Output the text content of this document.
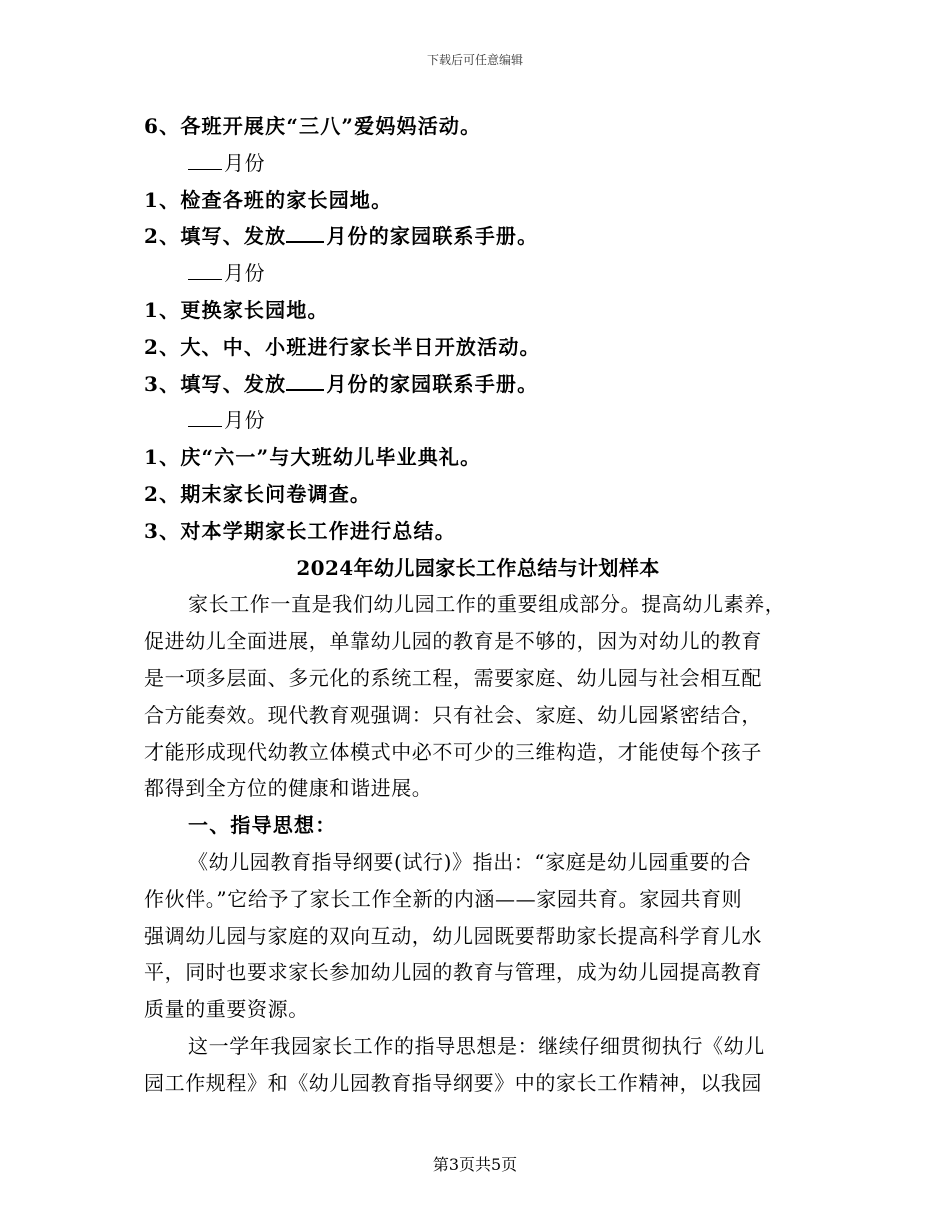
下载后可任意编辑
6、各班开展庆“三八”爱妈妈活动。
月份
1、检查各班的家长园地。
2、填写、发放 月份的家园联系手册。
月份
1、更换家长园地。
2、大、中、小班进行家长半日开放活动。
3、填写、发放 月份的家园联系手册。
月份
1、庆“六一”与大班幼儿毕业典礼。
2、期末家长问卷调查。
3、对本学期家长工作进行总结。
2024年幼儿园家长工作总结与计划样本
家长工作一直是我们幼儿园工作的重要组成部分。提高幼儿素养，
促进幼儿全面进展，单靠幼儿园的教育是不够的，因为对幼儿的教育
是一项多层面、多元化的系统工程，需要家庭、幼儿园与社会相互配
合方能奏效。现代教育观强调：只有社会、家庭、幼儿园紧密结合，
才能形成现代幼教立体模式中必不可少的三维构造，才能使每个孩子
都得到全方位的健康和谐进展。
一、指导思想：
《幼儿园教育指导纲要(试行)》指出：“家庭是幼儿园重要的合
作伙伴。”它给予了家长工作全新的内涵——家园共育。家园共育则
强调幼儿园与家庭的双向互动，幼儿园既要帮助家长提高科学育儿水
平，同时也要求家长参加幼儿园的教育与管理，成为幼儿园提高教育
质量的重要资源。
这一学年我园家长工作的指导思想是：继续仔细贯彻执行《幼儿
园工作规程》和《幼儿园教育指导纲要》中的家长工作精神，以我园
第3页共5页
